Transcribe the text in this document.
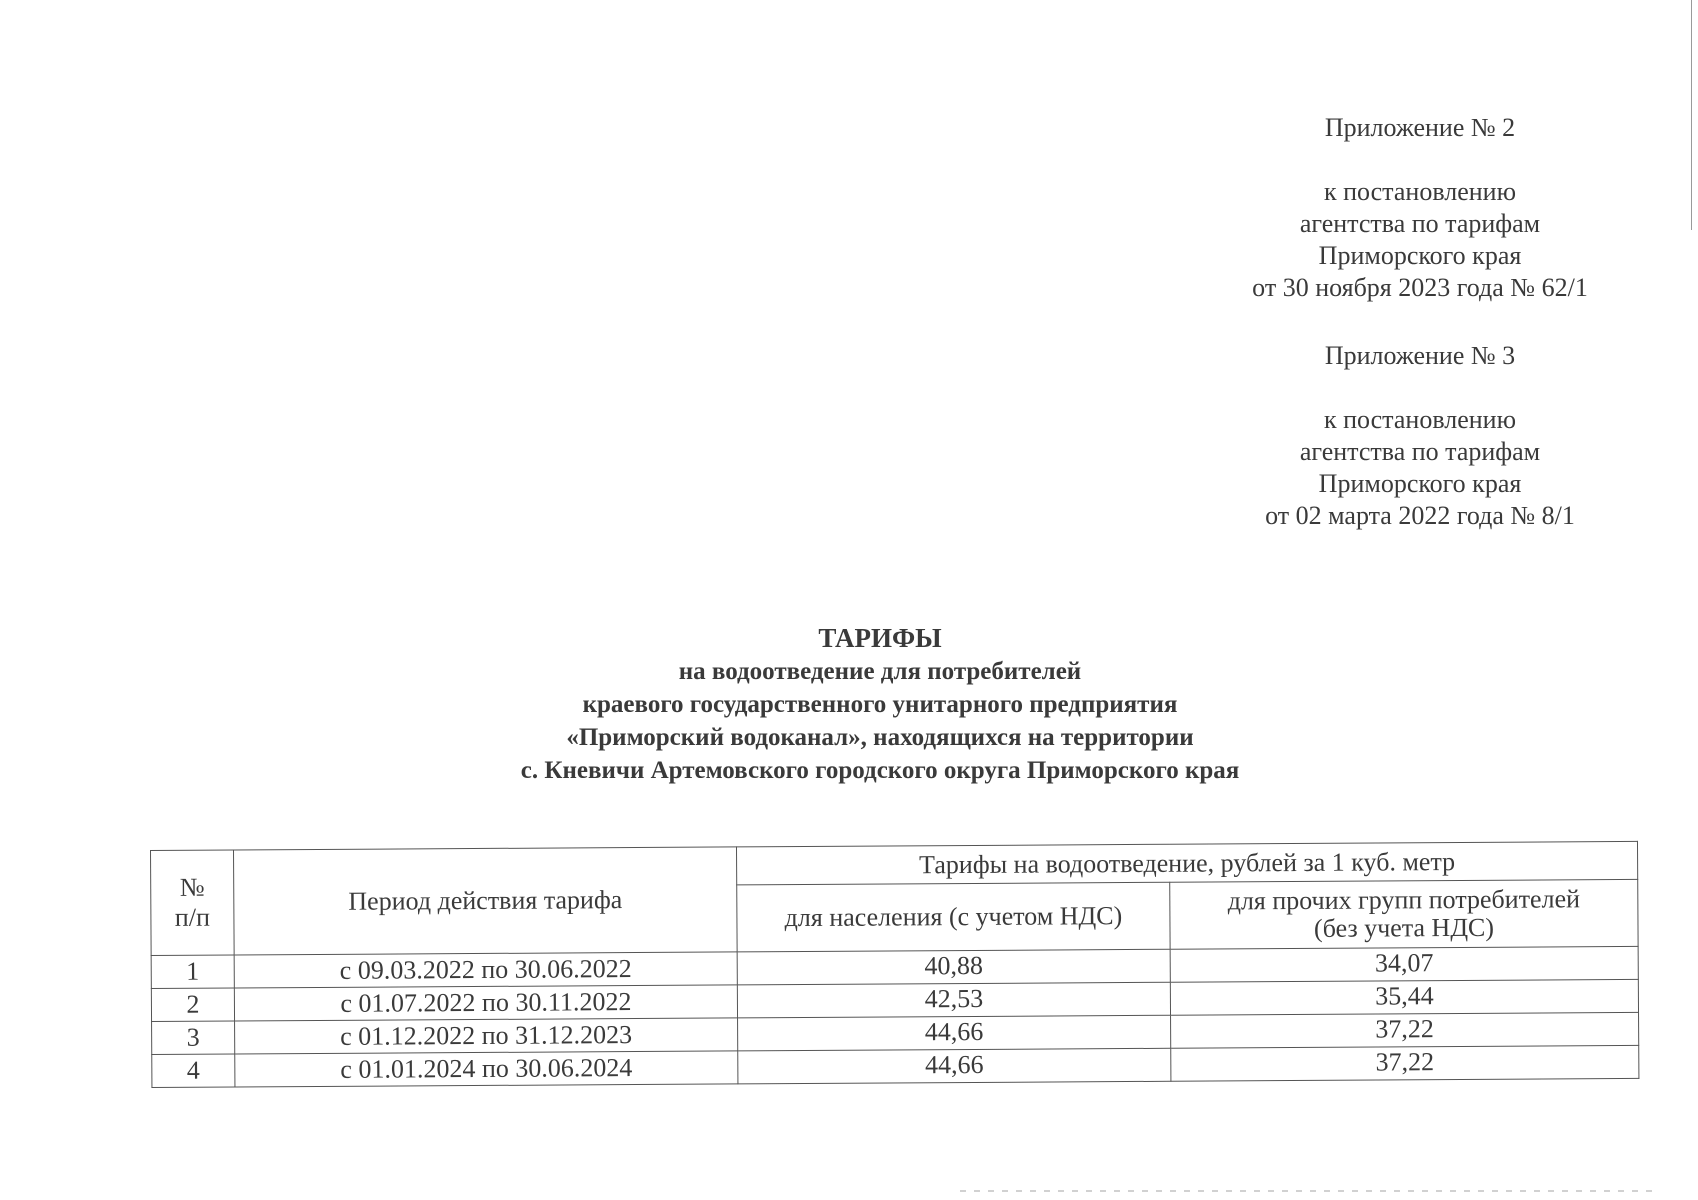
Приложение № 2
к постановлению
агентства по тарифам
Приморского края
от 30 ноября 2023 года № 62/1
Приложение № 3
к постановлению
агентства по тарифам
Приморского края
от 02 марта 2022 года № 8/1
ТАРИФЫ
на водоотведение для потребителей
краевого государственного унитарного предприятия
«Приморский водоканал», находящихся на территории
с. Кневичи Артемовского городского округа Приморского края
№
п/п	Период действия тарифа	Тарифы на водоотведение, рублей за 1 куб. метр	
		для населения (с учетом НДС)	для прочих групп потребителей
(без учета НДС)
1	с 09.03.2022 по 30.06.2022	40,88	34,07
2	с 01.07.2022 по 30.11.2022	42,53	35,44
3	с 01.12.2022 по 31.12.2023	44,66	37,22
4	с 01.01.2024 по 30.06.2024	44,66	37,22
